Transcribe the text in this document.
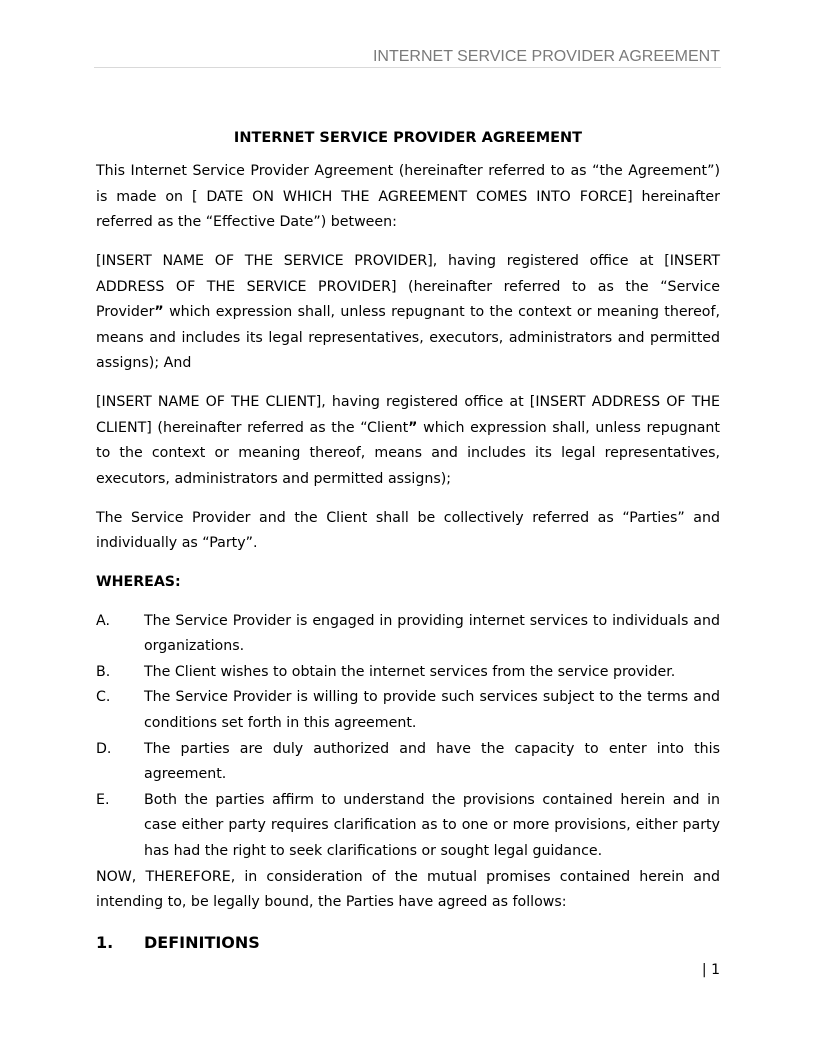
INTERNET SERVICE PROVIDER AGREEMENT

INTERNET SERVICE PROVIDER AGREEMENT

This Internet Service Provider Agreement (hereinafter referred to as “the Agreement”) is made on [ DATE ON WHICH THE AGREEMENT COMES INTO FORCE] hereinafter referred as the “Effective Date”) between:

[INSERT NAME OF THE SERVICE PROVIDER], having registered office at [INSERT ADDRESS OF THE SERVICE PROVIDER] (hereinafter referred to as the “Service Provider” which expression shall, unless repugnant to the context or meaning thereof, means and includes its legal representatives, executors, administrators and permitted assigns); And

[INSERT NAME OF THE CLIENT], having registered office at [INSERT ADDRESS OF THE CLIENT] (hereinafter referred as the “Client” which expression shall, unless repugnant to the context or meaning thereof, means and includes its legal representatives, executors, administrators and permitted assigns);

The Service Provider and the Client shall be collectively referred as “Parties” and individually as “Party”.

WHEREAS:

A.	The Service Provider is engaged in providing internet services to individuals and organizations.
B.	The Client wishes to obtain the internet services from the service provider.
C.	The Service Provider is willing to provide such services subject to the terms and conditions set forth in this agreement.
D.	The parties are duly authorized and have the capacity to enter into this agreement.
E.	Both the parties affirm to understand the provisions contained herein and in case either party requires clarification as to one or more provisions, either party has had the right to seek clarifications or sought legal guidance.

NOW, THEREFORE, in consideration of the mutual promises contained herein and intending to, be legally bound, the Parties have agreed as follows:

1.	DEFINITIONS
| 1
